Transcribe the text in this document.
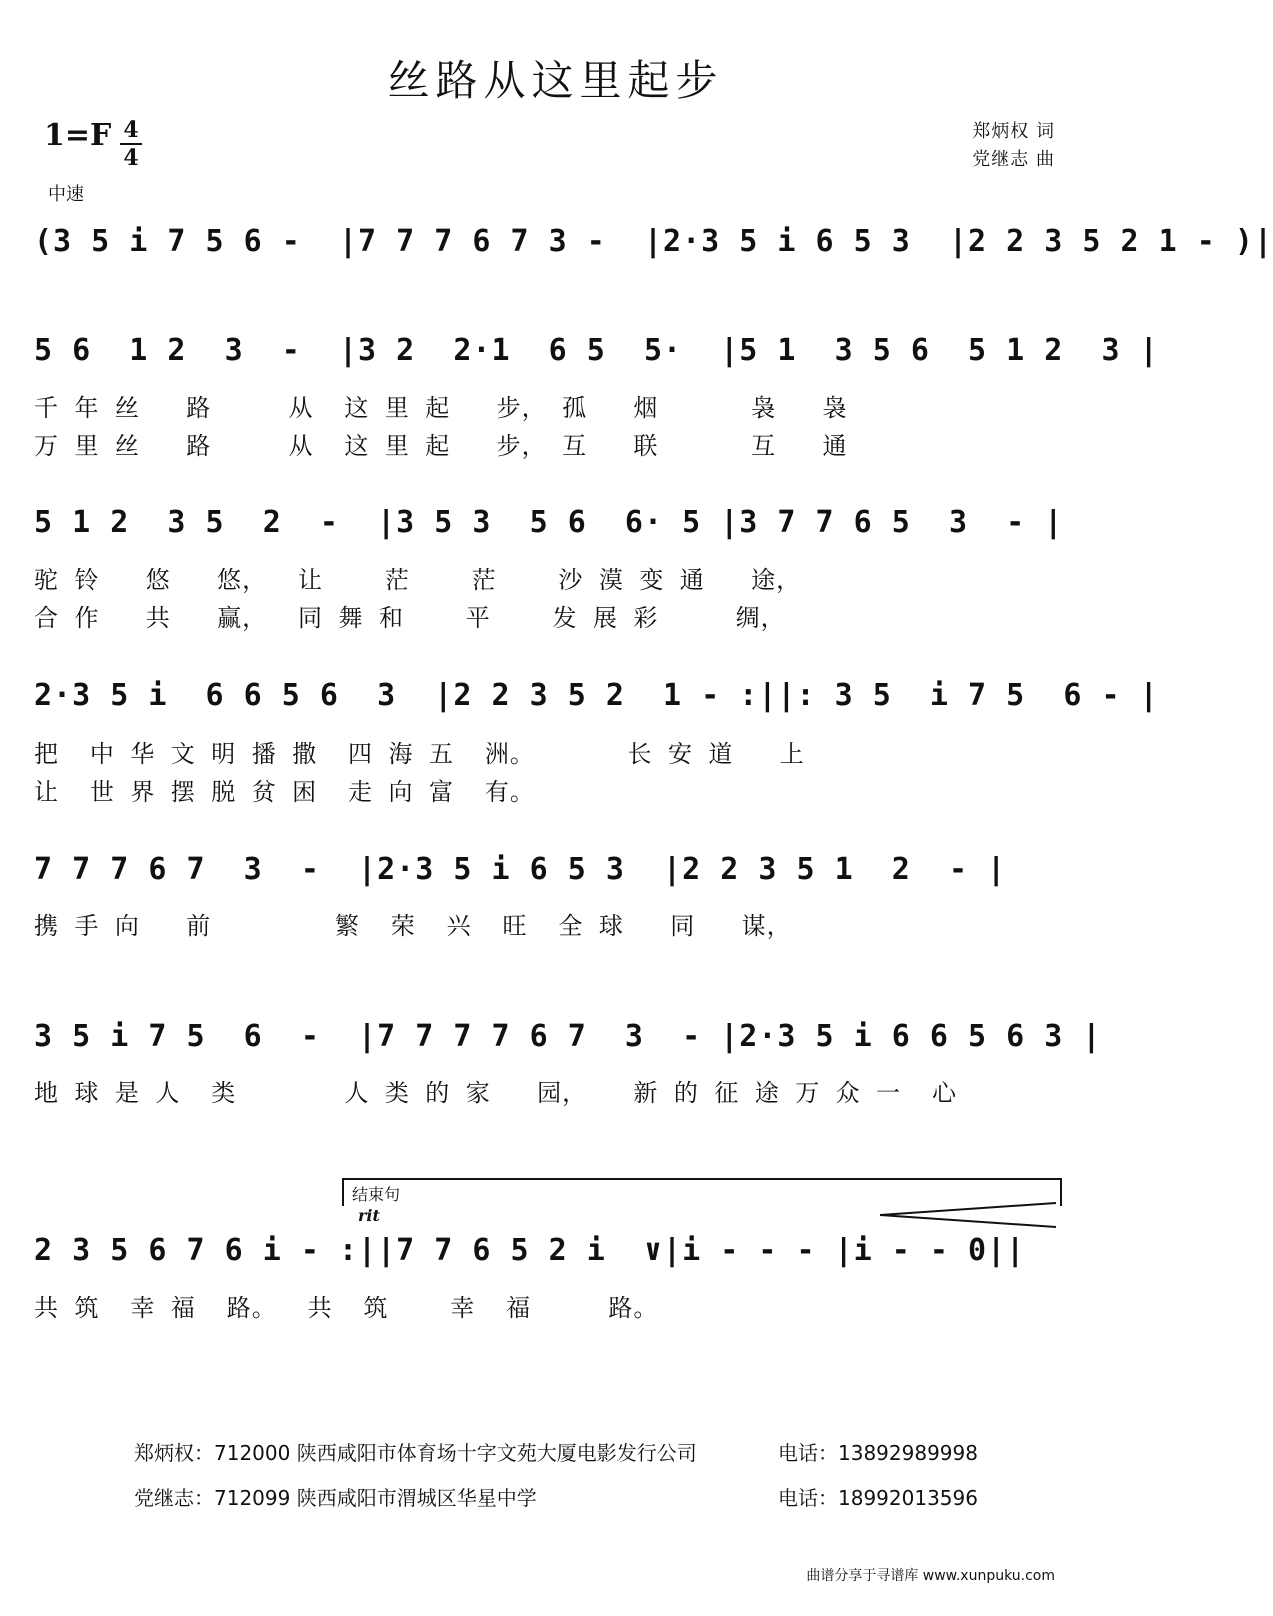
丝路从这里起步
1=F 4
4
中速
郑炳权 词
党继志 曲
(3 5 i 7 5 6 -  |7 7 7 6 7 3 -  |2·3 5 i 6 5 3  |2 2 3 5 2 1 - )|
5 6  1 2  3  -  |3 2  2·1  6 5  5·  |5 1  3 5 6  5 1 2  3 |
千 年 丝   路     从  这 里 起   步， 孤   烟      袅   袅
万 里 丝   路     从  这 里 起   步， 互   联      互   通
5 1 2  3 5  2  -  |3 5 3  5 6  6· 5 |3 7 7 6 5  3  - |
驼 铃   悠   悠，  让    茫    茫    沙 漠 变 通   途，
合 作   共   赢，  同 舞 和    平    发 展 彩     绸，
2·3 5 i  6 6 5 6  3  |2 2 3 5 2  1 - :||: 3 5  i 7 5  6 - |
把  中 华 文 明 播 撒  四 海 五  洲。      长 安 道   上
让  世 界 摆 脱 贫 困  走 向 富  有。
7 7 7 6 7  3  -  |2·3 5 i 6 5 3  |2 2 3 5 1  2  - |
携 手 向   前        繁  荣  兴  旺  全 球   同   谋，
3 5 i 7 5  6  -  |7 7 7 7 6 7  3  - |2·3 5 i 6 6 5 6 3 |
地 球 是 人  类       人 类 的 家   园，   新 的 征 途 万 众 一  心
结束句
rit
2 3 5 6 7 6 i - :||7 7 6 5 2 i  ∨|i - - - |i - - 0||
共 筑  幸 福  路。  共  筑    幸  福     路。
郑炳权：712000 陕西咸阳市体育场十字文苑大厦电影发行公司	电话：13892989998
党继志：712099 陕西咸阳市渭城区华星中学	电话：18992013596
曲谱分享于寻谱库 www.xunpuku.com
